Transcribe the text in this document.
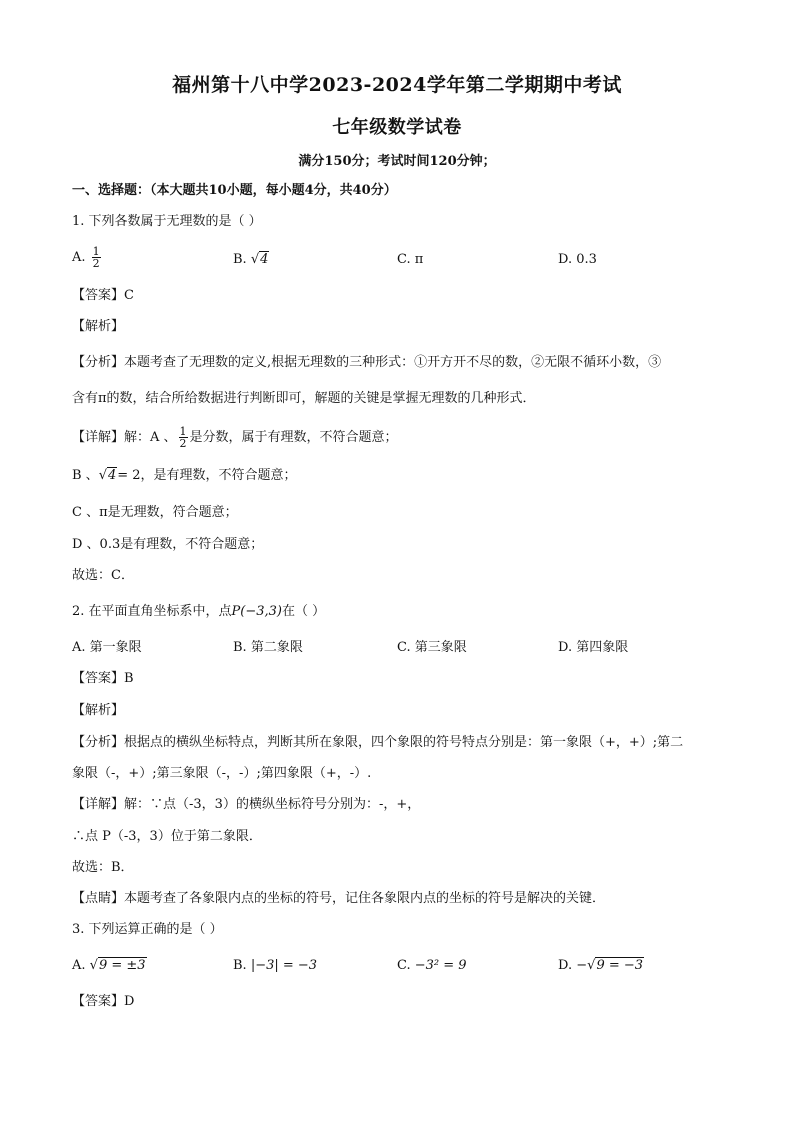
福州第十八中学2023-2024学年第二学期期中考试
七年级数学试卷
满分150分；考试时间120分钟；
一、选择题：（本大题共10小题，每小题4分，共40分）
1. 下列各数属于无理数的是（ ）
A. $\frac{1}{2}$	B. √4	C. π	D. 0.3
【答案】C
【解析】
【分析】本题考查了无理数的定义,根据无理数的三种形式：①开方开不尽的数，②无限不循环小数，③
含有π的数，结合所给数据进行判断即可，解题的关键是掌握无理数的几种形式．
【详解】解：A 、 $\frac{1}{2}$ 是分数，属于有理数，不符合题意；
B 、√4= 2，是有理数，不符合题意；
C 、π是无理数，符合题意；
D 、0.3是有理数，不符合题意；
故选：C．
2. 在平面直角坐标系中，点P(−3,3)在（ ）
A. 第一象限	B. 第二象限	C. 第三象限	D. 第四象限
【答案】B
【解析】
【分析】根据点的横纵坐标特点，判断其所在象限，四个象限的符号特点分别是：第一象限（+，+）;第二
象限（-，+）;第三象限（-，-）;第四象限（+，-）.
【详解】解：∵点（-3，3）的横纵坐标符号分别为：-，+，
∴点 P（-3，3）位于第二象限．
故选：B．
【点睛】本题考查了各象限内点的坐标的符号，记住各象限内点的坐标的符号是解决的关键．
3. 下列运算正确的是（ ）
A. √9 = ±3	B. |−3| = −3	C. −3² = 9	D. −√9 = −3
【答案】D
